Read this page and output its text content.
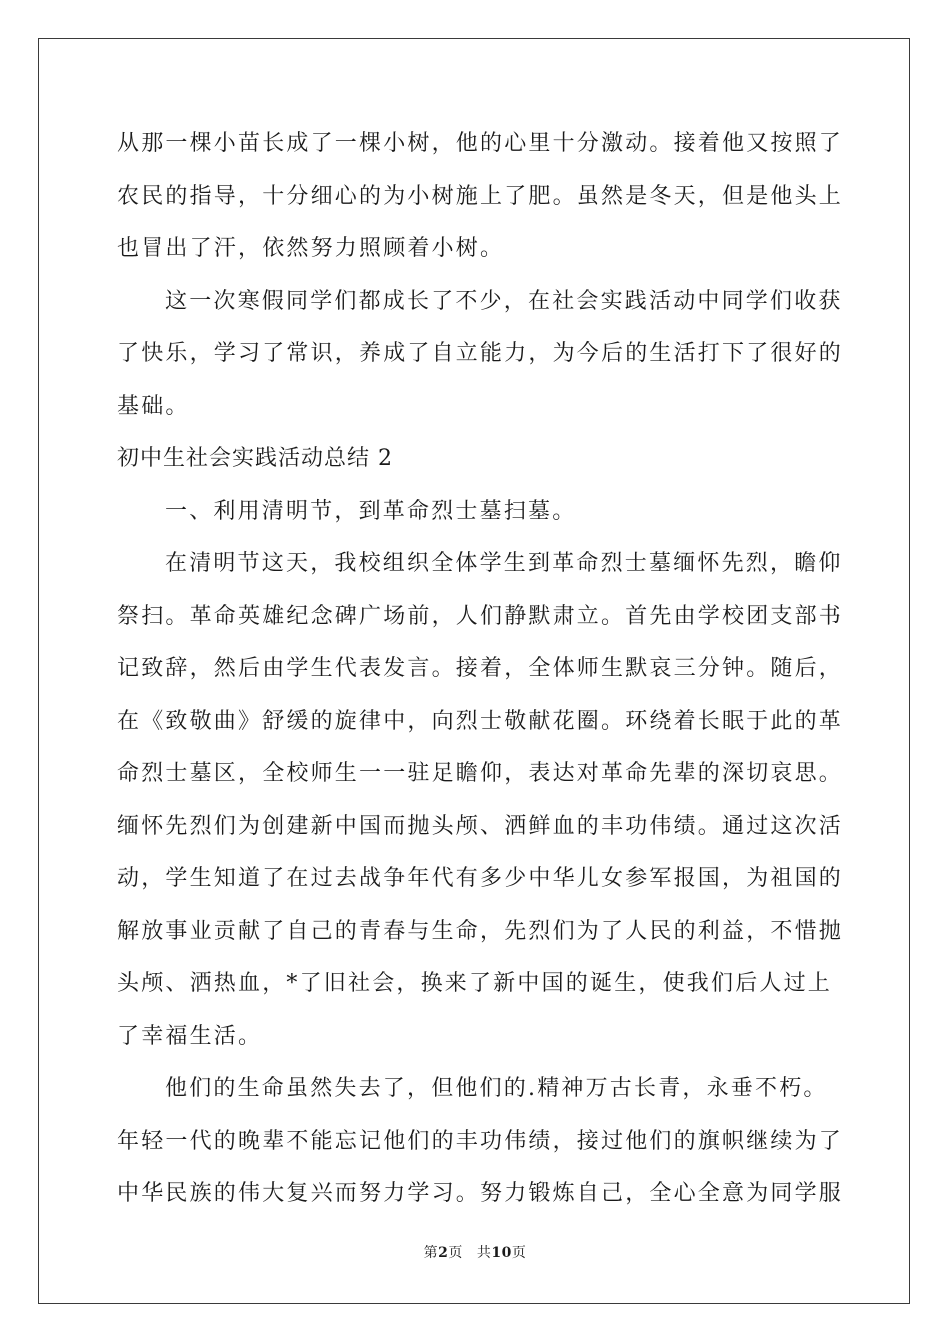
从那一棵小苗长成了一棵小树，他的心里十分激动。接着他又按照了
农民的指导，十分细心的为小树施上了肥。虽然是冬天，但是他头上
也冒出了汗，依然努力照顾着小树。
这一次寒假同学们都成长了不少，在社会实践活动中同学们收获
了快乐，学习了常识，养成了自立能力，为今后的生活打下了很好的
基础。
初中生社会实践活动总结 2
一、利用清明节，到革命烈士墓扫墓。
在清明节这天，我校组织全体学生到革命烈士墓缅怀先烈，瞻仰
祭扫。革命英雄纪念碑广场前，人们静默肃立。首先由学校团支部书
记致辞，然后由学生代表发言。接着，全体师生默哀三分钟。随后，
在《致敬曲》舒缓的旋律中，向烈士敬献花圈。环绕着长眠于此的革
命烈士墓区，全校师生一一驻足瞻仰，表达对革命先辈的深切哀思。
缅怀先烈们为创建新中国而抛头颅、洒鲜血的丰功伟绩。通过这次活
动，学生知道了在过去战争年代有多少中华儿女参军报国，为祖国的
解放事业贡献了自己的青春与生命，先烈们为了人民的利益，不惜抛
头颅、洒热血，*了旧社会，换来了新中国的诞生，使我们后人过上
了幸福生活。
他们的生命虽然失去了，但他们的.精神万古长青，永垂不朽。
年轻一代的晚辈不能忘记他们的丰功伟绩，接过他们的旗帜继续为了
中华民族的伟大复兴而努力学习。努力锻炼自己，全心全意为同学服
第2页 共10页
